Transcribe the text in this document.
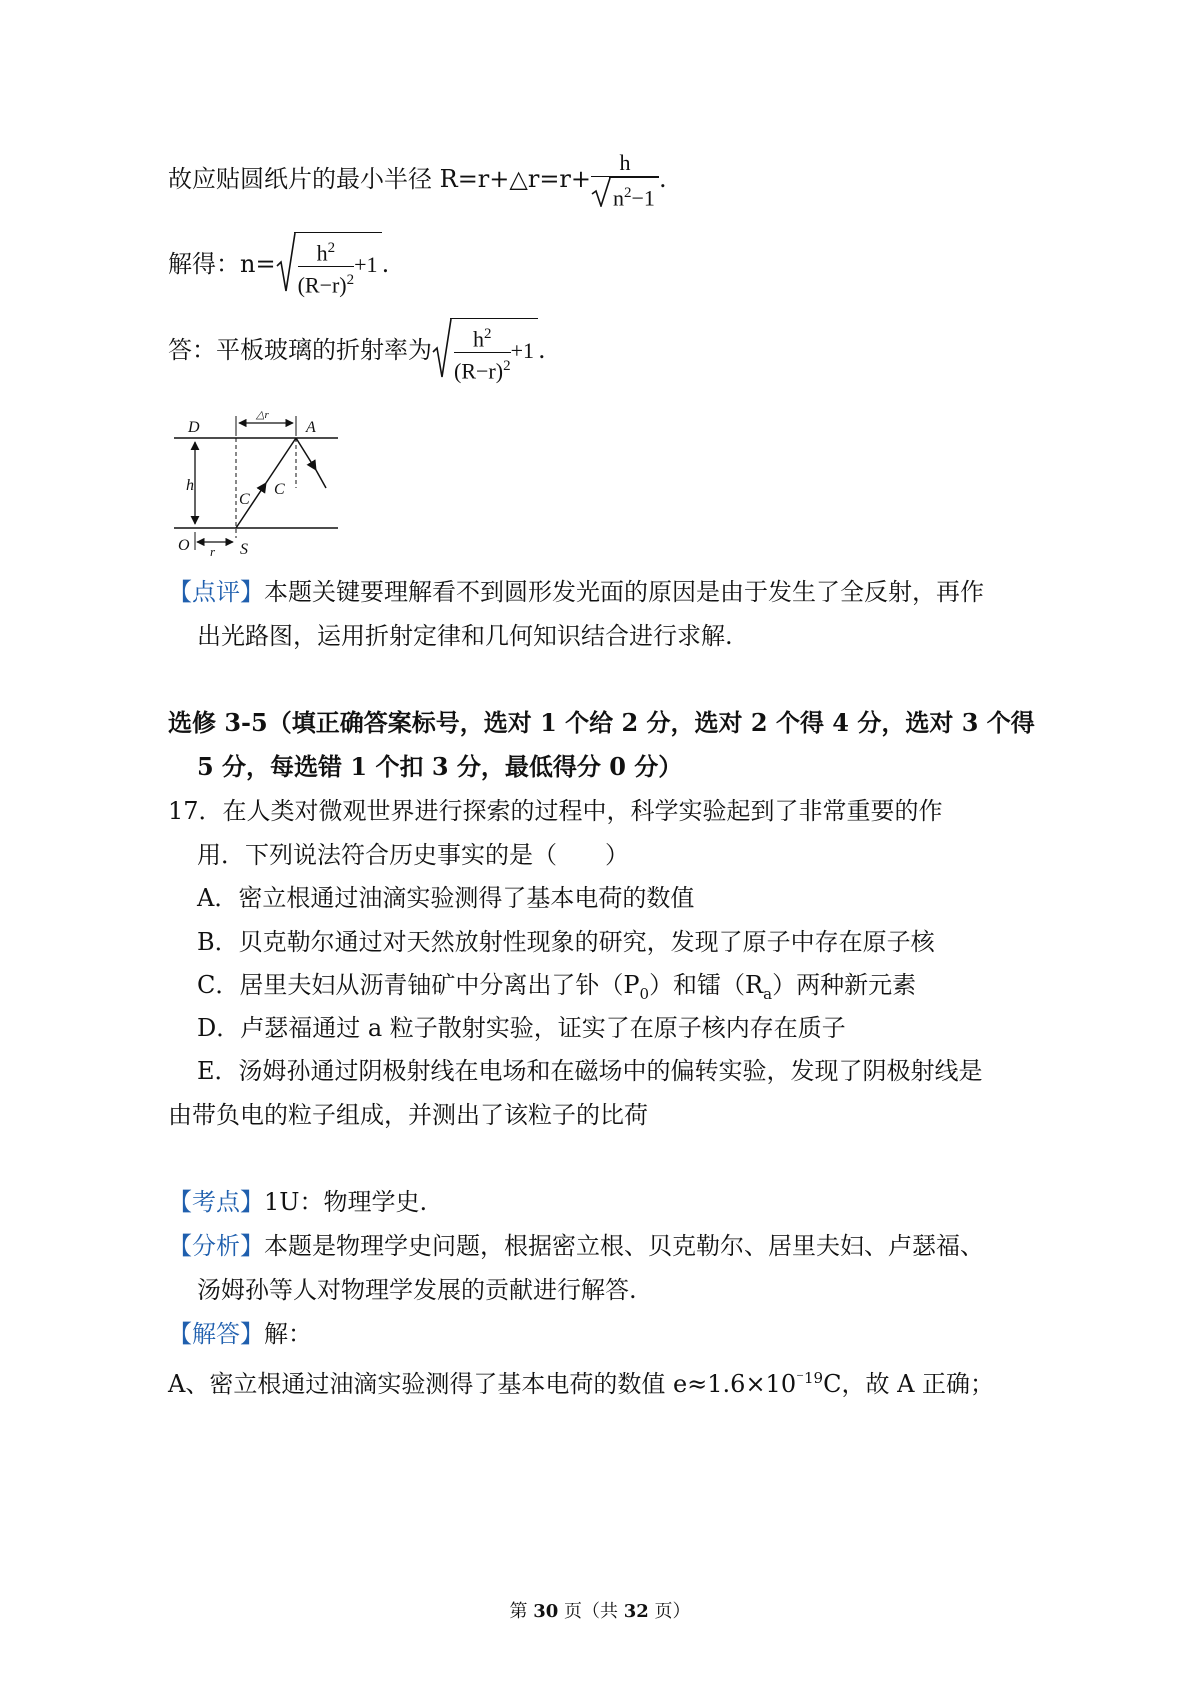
故应贴圆纸片的最小半径 R=r+△r=r+ $\frac{h}{n^2-1}$ .
解得：$n= \frac{h^2}{(R-r)^2} +1$ .
答：平板玻璃的折射率为 $\frac{h^2}{(R-r)^2} +1$ .
D	A
△r
h
C
C
O r S
【点评】本题关键要理解看不到圆形发光面的原因是由于发生了全反射，再作
出光路图，运用折射定律和几何知识结合进行求解.
选修 3-5（填正确答案标号，选对 1 个给 2 分，选对 2 个得 4 分，选对 3 个得
5 分，每选错 1 个扣 3 分，最低得分 0 分）
17．在人类对微观世界进行探索的过程中，科学实验起到了非常重要的作
用．下列说法符合历史事实的是（　　）
A．密立根通过油滴实验测得了基本电荷的数值
B．贝克勒尔通过对天然放射性现象的研究，发现了原子中存在原子核
C．居里夫妇从沥青铀矿中分离出了钋$(P_0)$和镭$(R_a)$两种新元素
D．卢瑟福通过 a 粒子散射实验，证实了在原子核内存在质子
E．汤姆孙通过阴极射线在电场和在磁场中的偏转实验，发现了阴极射线是
由带负电的粒子组成，并测出了该粒子的比荷
【考点】1U：物理学史.
【分析】本题是物理学史问题，根据密立根、贝克勒尔、居里夫妇、卢瑟福、
汤姆孙等人对物理学发展的贡献进行解答.
【解答】解：
A、密立根通过油滴实验测得了基本电荷的数值 $e\approx 1.6\times 10^{^-19}C$，故 A 正确；
第 30 页（共 32 页）
